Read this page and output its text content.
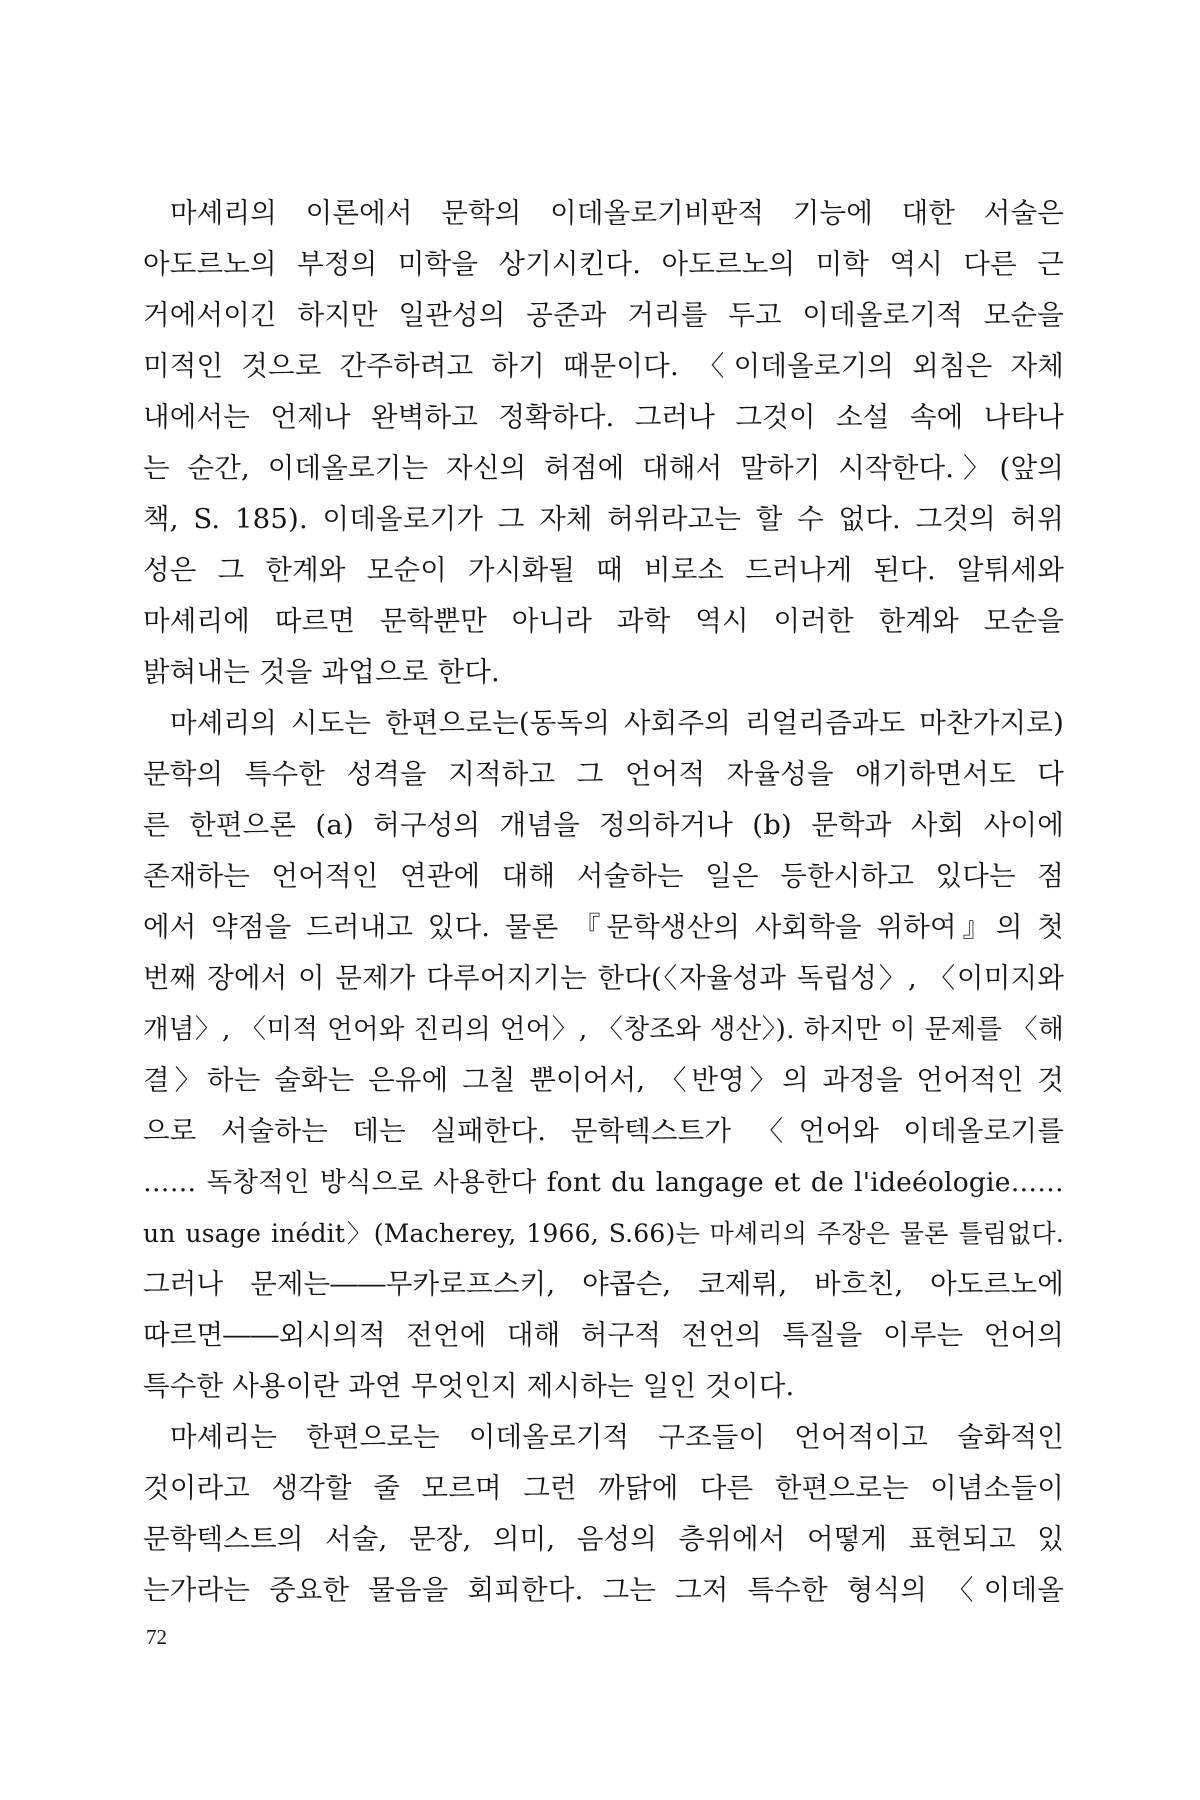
마셰리의 이론에서 문학의 이데올로기비판적 기능에 대한 서술은
아도르노의 부정의 미학을 상기시킨다. 아도르노의 미학 역시 다른 근
거에서이긴 하지만 일관성의 공준과 거리를 두고 이데올로기적 모순을
미적인 것으로 간주하려고 하기 때문이다. 〈이데올로기의 외침은 자체
내에서는 언제나 완벽하고 정확하다. 그러나 그것이 소설 속에 나타나
는 순간, 이데올로기는 자신의 허점에 대해서 말하기 시작한다.〉(앞의
책, S. 185). 이데올로기가 그 자체 허위라고는 할 수 없다. 그것의 허위
성은 그 한계와 모순이 가시화될 때 비로소 드러나게 된다. 알튀세와
마셰리에 따르면 문학뿐만 아니라 과학 역시 이러한 한계와 모순을
밝혀내는 것을 과업으로 한다.
마셰리의 시도는 한편으로는(동독의 사회주의 리얼리즘과도 마찬가지로)
문학의 특수한 성격을 지적하고 그 언어적 자율성을 얘기하면서도 다
른 한편으론 (a) 허구성의 개념을 정의하거나 (b) 문학과 사회 사이에
존재하는 언어적인 연관에 대해 서술하는 일은 등한시하고 있다는 점
에서 약점을 드러내고 있다. 물론 『문학생산의 사회학을 위하여』의 첫
번째 장에서 이 문제가 다루어지기는 한다(〈자율성과 독립성〉, 〈이미지와
개념〉, 〈미적 언어와 진리의 언어〉, 〈창조와 생산〉). 하지만 이 문제를 〈해
결〉하는 술화는 은유에 그칠 뿐이어서, 〈반영〉의 과정을 언어적인 것
으로 서술하는 데는 실패한다. 문학텍스트가 〈언어와 이데올로기를
…… 독창적인 방식으로 사용한다 font du langage et de l'ideéologie……
un usage inédit〉(Macherey, 1966, S.66)는 마셰리의 주장은 물론 틀림없다.
그러나 문제는――무카로프스키, 야콥슨, 코제뤼, 바흐친, 아도르노에
따르면――외시의적 전언에 대해 허구적 전언의 특질을 이루는 언어의
특수한 사용이란 과연 무엇인지 제시하는 일인 것이다.
마셰리는 한편으로는 이데올로기적 구조들이 언어적이고 술화적인
것이라고 생각할 줄 모르며 그런 까닭에 다른 한편으로는 이념소들이
문학텍스트의 서술, 문장, 의미, 음성의 층위에서 어떻게 표현되고 있
는가라는 중요한 물음을 회피한다. 그는 그저 특수한 형식의 〈이데올
72
